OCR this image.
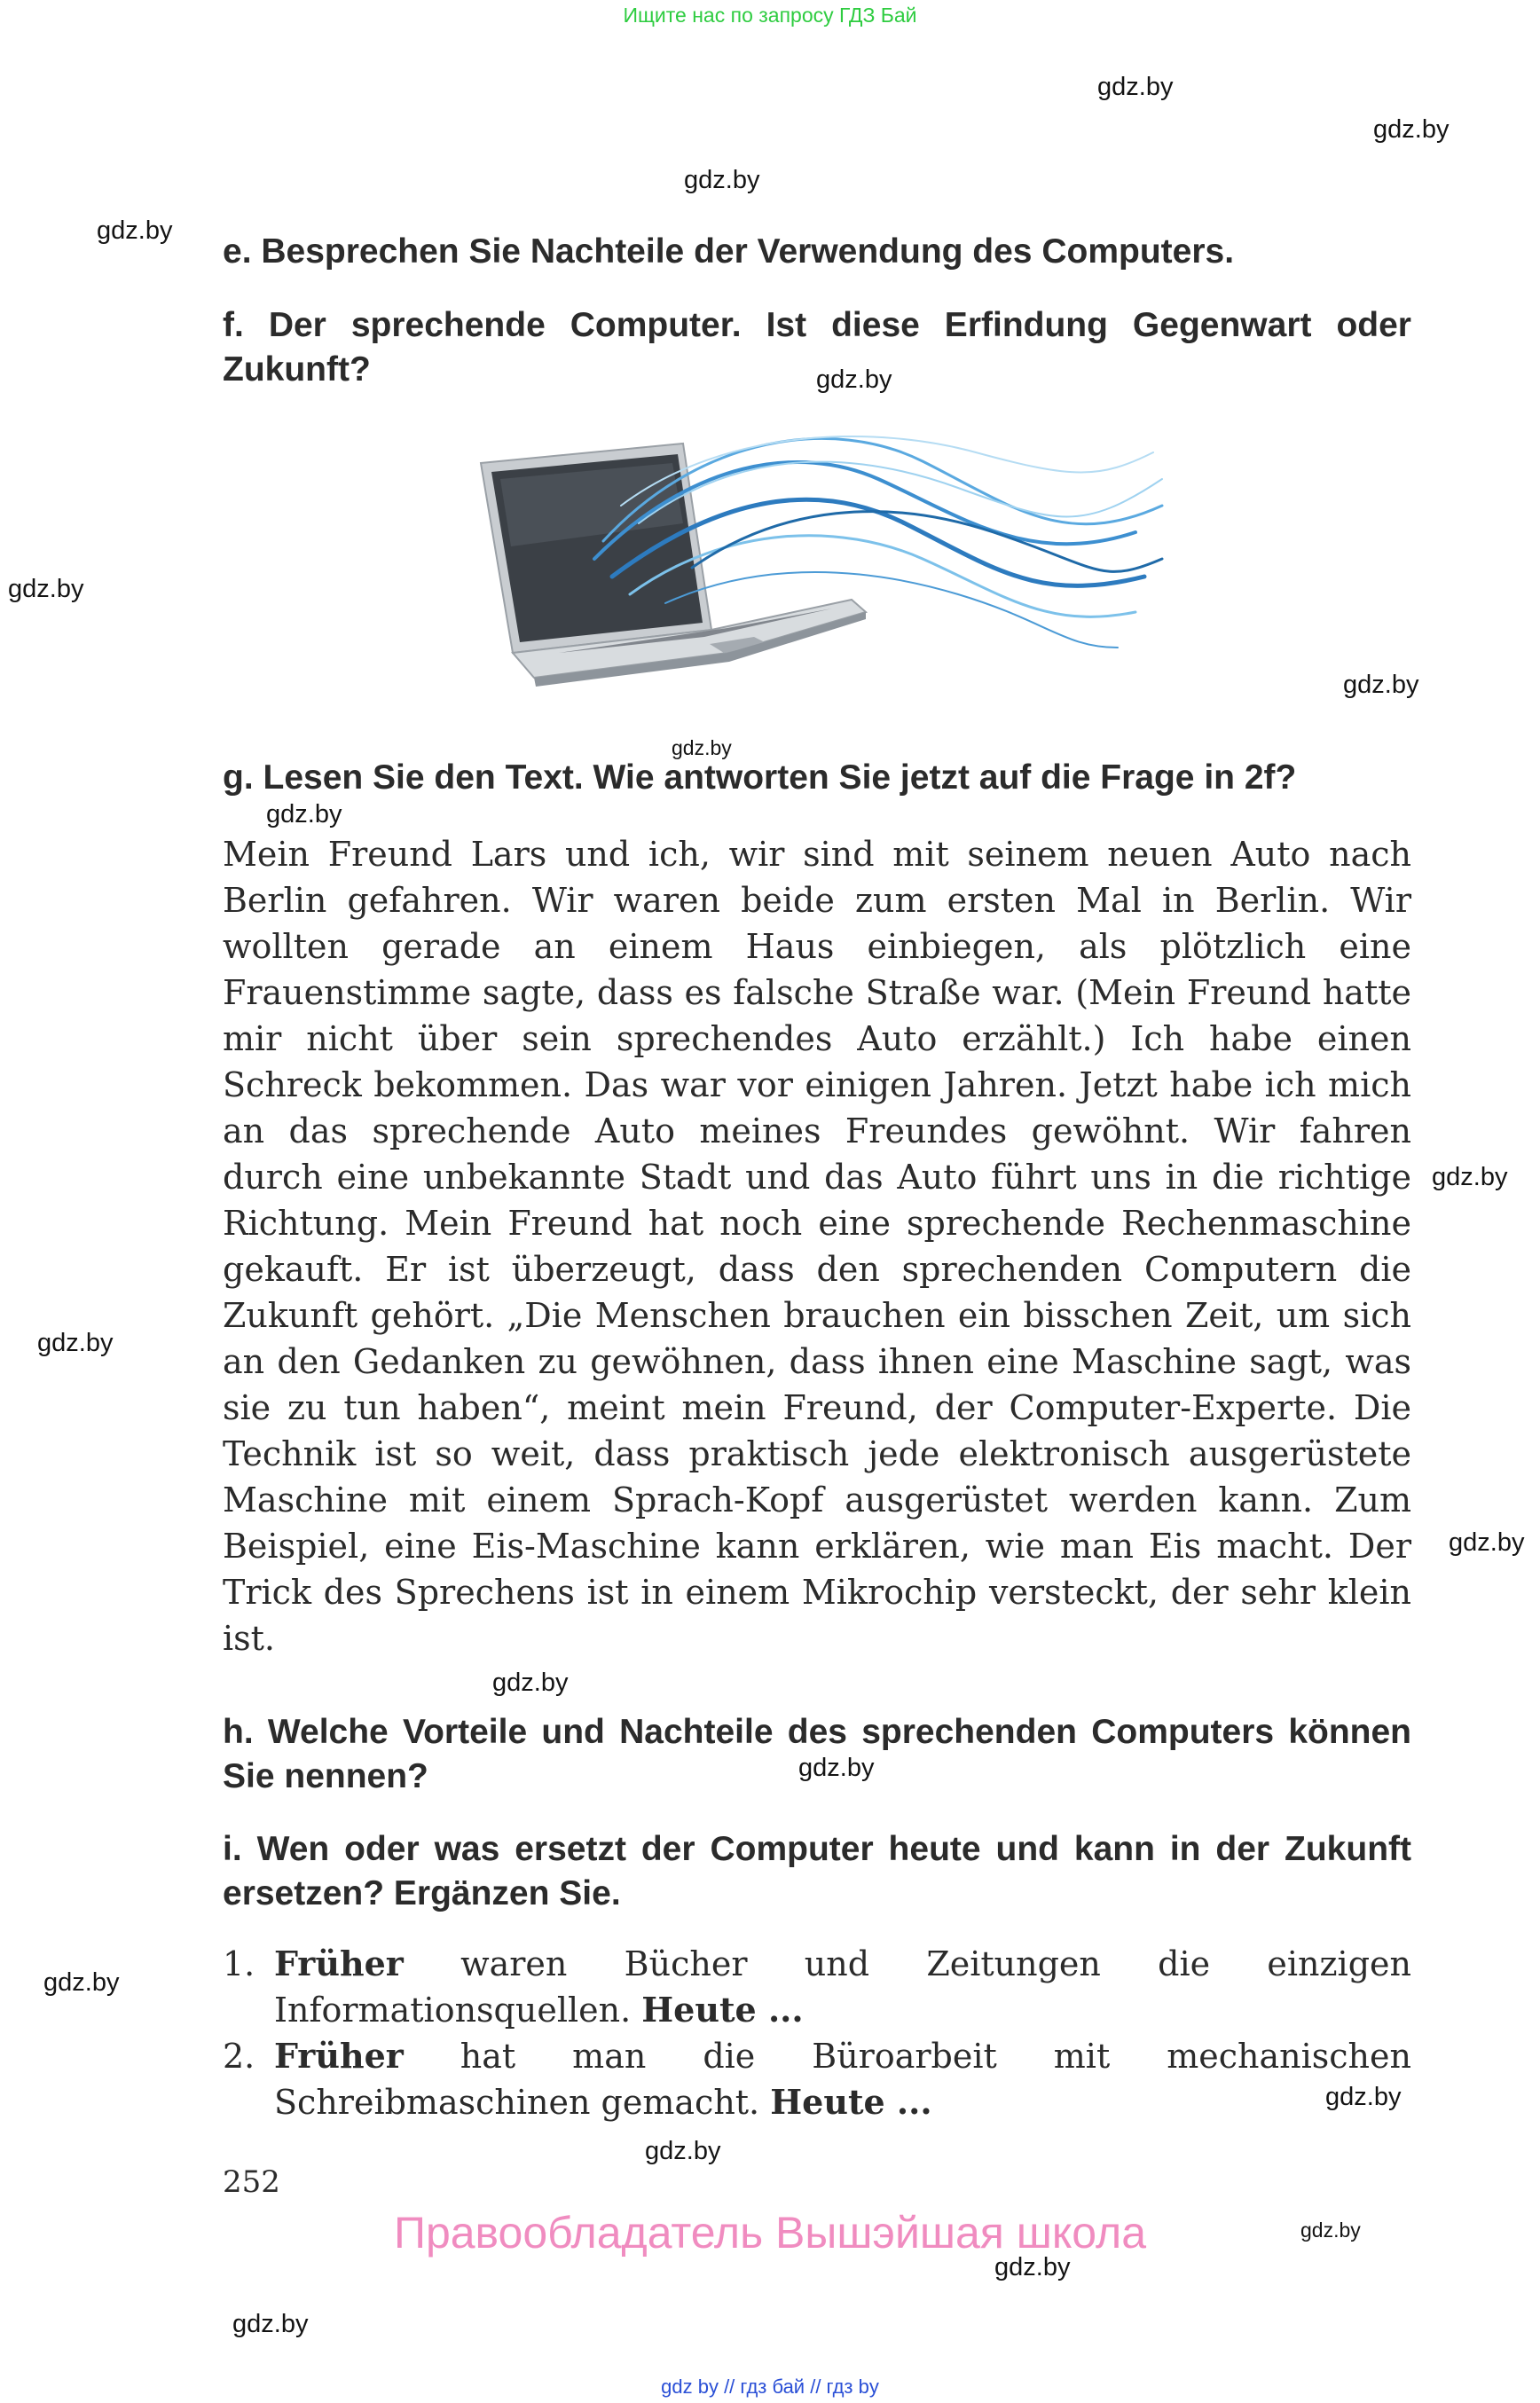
Ищите нас по запросу ГДЗ Бай
gdz.by
gdz.by
gdz.by
gdz.by
gdz.by
gdz.by
gdz.by
gdz.by
gdz.by
gdz.by
gdz.by
gdz.by
gdz.by
gdz.by
gdz.by
gdz.by
gdz.by
gdz.by
gdz.by
gdz.by
e. Besprechen Sie Nachteile der Verwendung des Computers.
f. Der sprechende Computer. Ist diese Erfindung Gegenwart oder Zukunft?
g. Lesen Sie den Text. Wie antworten Sie jetzt auf die Frage in 2f?

Mein Freund Lars und ich, wir sind mit seinem neuen Auto nach Berlin gefahren. Wir waren beide zum ersten Mal in Berlin. Wir wollten gerade an einem Haus einbiegen, als plötzlich eine Frauenstimme sagte, dass es falsche Straße war. (Mein Freund hatte mir nicht über sein sprechendes Auto erzählt.) Ich habe einen Schreck bekommen. Das war vor einigen Jahren. Jetzt habe ich mich an das sprechende Auto meines Freundes gewöhnt. Wir fahren durch eine unbekannte Stadt und das Auto führt uns in die richtige Richtung. Mein Freund hat noch eine sprechende Rechenmaschine gekauft. Er ist überzeugt, dass den sprechenden Computern die Zukunft gehört. „Die Menschen brauchen ein bisschen Zeit, um sich an den Gedanken zu gewöhnen, dass ihnen eine Maschine sagt, was sie zu tun haben“, meint mein Freund, der Computer-Experte. Die Technik ist so weit, dass praktisch jede elektronisch ausgerüstete Maschine mit einem Sprach-Kopf ausgerüstet werden kann. Zum Beispiel, eine Eis-Maschine kann erklären, wie man Eis macht. Der Trick des Sprechens ist in einem Mikrochip versteckt, der sehr klein ist.

h. Welche Vorteile und Nachteile des sprechenden Computers können Sie nennen?
i. Wen oder was ersetzt der Computer heute und kann in der Zukunft ersetzen? Ergänzen Sie.
1. Früher waren Bücher und Zeitungen die einzigen Informationsquellen. Heute ...
2. Früher hat man die Büroarbeit mit mechanischen Schreibmaschinen gemacht. Heute ...
252
Правообладатель Вышэйшая школа
gdz by // гдз бай // гдз by
